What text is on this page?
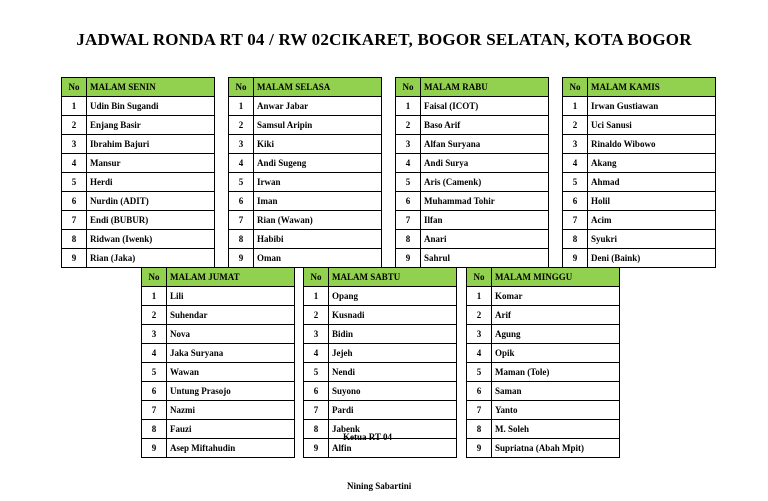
JADWAL RONDA RT 04 / RW 02CIKARET, BOGOR SELATAN, KOTA BOGOR
No	MALAM SENIN
1	Udin Bin Sugandi
2	Enjang Basir
3	Ibrahim Bajuri
4	Mansur
5	Herdi
6	Nurdin (ADIT)
7	Endi (BUBUR)
8	Ridwan (Iwenk)
9	Rian (Jaka)
No	MALAM SELASA
1	Anwar Jabar
2	Samsul Aripin
3	Kiki
4	Andi Sugeng
5	Irwan
6	Iman
7	Rian (Wawan)
8	Habibi
9	Oman
No	MALAM RABU
1	Faisal (ICOT)
2	Baso Arif
3	Alfan Suryana
4	Andi Surya
5	Aris (Camenk)
6	Muhammad Tohir
7	Ilfan
8	Anari
9	Sahrul
No	MALAM KAMIS
1	Irwan Gustiawan
2	Uci Sanusi
3	Rinaldo Wibowo
4	Akang
5	Ahmad
6	Holil
7	Acim
8	Syukri
9	Deni (Baink)
No	MALAM JUMAT
1	Lili
2	Suhendar
3	Nova
4	Jaka Suryana
5	Wawan
6	Untung Prasojo
7	Nazmi
8	Fauzi
9	Asep Miftahudin
No	MALAM SABTU
1	Opang
2	Kusnadi
3	Bidin
4	Jejeh
5	Nendi
6	Suyono
7	Pardi
8	Jabenk
9	Alfin
No	MALAM MINGGU
1	Komar
2	Arif
3	Agung
4	Opik
5	Maman (Tole)
6	Saman
7	Yanto
8	M. Soleh
9	Supriatna (Abah Mpit)
Ketua RT 04
Nining Sabartini
